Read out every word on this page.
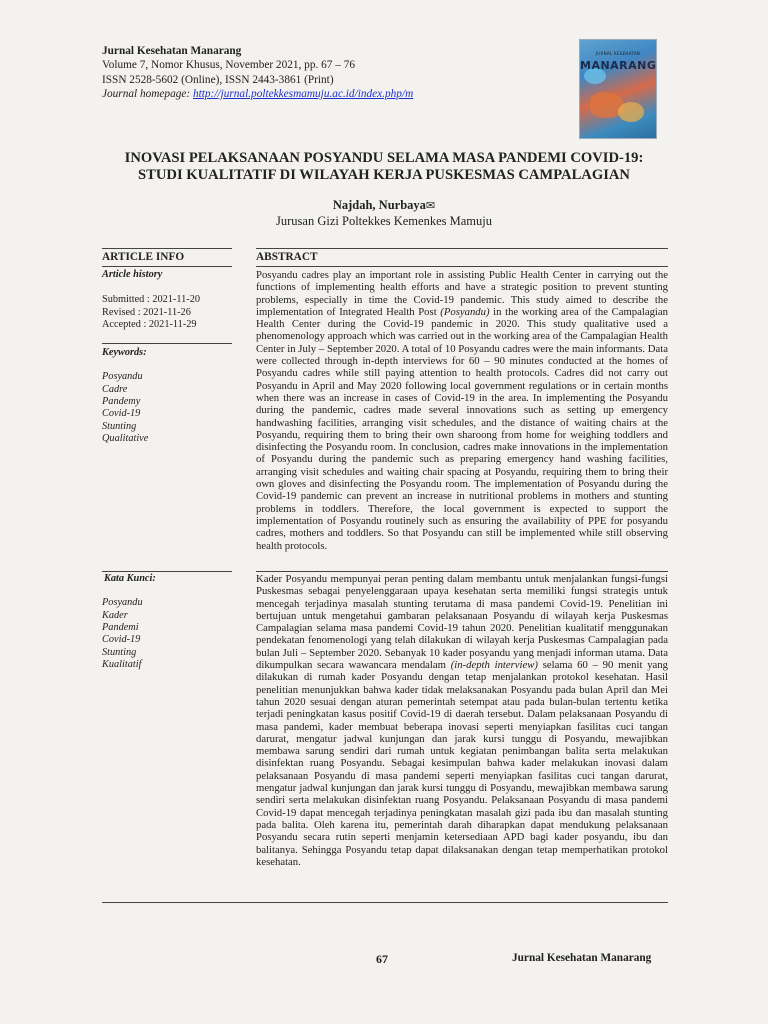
Jurnal Kesehatan Manarang
Volume 7, Nomor Khusus, November 2021, pp. 67 – 76
ISSN 2528-5602 (Online), ISSN 2443-3861 (Print)
Journal homepage: http://jurnal.poltekkesmamuju.ac.id/index.php/m
JURNAL KESEHATAN
MANARANG
INOVASI PELAKSANAAN POSYANDU SELAMA MASA PANDEMI COVID-19:
STUDI KUALITATIF DI WILAYAH KERJA PUSKESMAS CAMPALAGIAN
Najdah, Nurbaya✉
Jurusan Gizi Poltekkes Kemenkes Mamuju
ARTICLE INFO	ABSTRACT
Article history
Submitted : 2021-11-20
Revised : 2021-11-26
Accepted : 2021-11-29
Keywords:
Posyandu
Cadre
Pandemy
Covid-19
Stunting
Qualitative
Posyandu cadres play an important role in assisting Public Health Center in carrying out the functions of implementing health efforts and have a strategic position to prevent stunting problems, especially in time the Covid-19 pandemic. This study aimed to describe the implementation of Integrated Health Post (Posyandu) in the working area of the Campalagian Health Center during the Covid-19 pandemic in 2020. This study qualitative used a phenomenology approach which was carried out in the working area of the Campalagian Health Center in July – September 2020. A total of 10 Posyandu cadres were the main informants. Data were collected through in-depth interviews for 60 – 90 minutes conducted at the homes of Posyandu cadres while still paying attention to health protocols. Cadres did not carry out Posyandu in April and May 2020 following local government regulations or in certain months when there was an increase in cases of Covid-19 in the area. In implementing the Posyandu during the pandemic, cadres made several innovations such as setting up emergency handwashing facilities, arranging visit schedules, and the distance of waiting chairs at the Posyandu, requiring them to bring their own sharoong from home for weighing toddlers and disinfecting the Posyandu room. In conclusion, cadres make innovations in the implementation of Posyandu during the pandemic such as preparing emergency hand washing facilities, arranging visit schedules and waiting chair spacing at Posyandu, requiring them to bring their own gloves and disinfecting the Posyandu room. The implementation of Posyandu during the Covid-19 pandemic can prevent an increase in nutritional problems in mothers and stunting problems in toddlers. Therefore, the local government is expected to support the implementation of Posyandu routinely such as ensuring the availability of PPE for posyandu cadres, mothers and toddlers. So that Posyandu can still be implemented while still observing health protocols.
Kata Kunci:
Posyandu
Kader
Pandemi
Covid-19
Stunting
Kualitatif
Kader Posyandu mempunyai peran penting dalam membantu untuk menjalankan fungsi-fungsi Puskesmas sebagai penyelenggaraan upaya kesehatan serta memiliki fungsi strategis untuk mencegah terjadinya masalah stunting terutama di masa pandemi Covid-19. Penelitian ini bertujuan untuk mengetahui gambaran pelaksanaan Posyandu di wilayah kerja Puskesmas Campalagian selama masa pandemi Covid-19 tahun 2020. Penelitian kualitatif menggunakan pendekatan fenomenologi yang telah dilakukan di wilayah kerja Puskesmas Campalagian pada bulan Juli – September 2020. Sebanyak 10 kader posyandu yang menjadi informan utama. Data dikumpulkan secara wawancara mendalam (in-depth interview) selama 60 – 90 menit yang dilakukan di rumah kader Posyandu dengan tetap menjalankan protokol kesehatan. Hasil penelitian menunjukkan bahwa kader tidak melaksanakan Posyandu pada bulan April dan Mei tahun 2020 sesuai dengan aturan pemerintah setempat atau pada bulan-bulan tertentu ketika terjadi peningkatan kasus positif Covid-19 di daerah tersebut. Dalam pelaksanaan Posyandu di masa pandemi, kader membuat beberapa inovasi seperti menyiapkan fasilitas cuci tangan darurat, mengatur jadwal kunjungan dan jarak kursi tunggu di Posyandu, mewajibkan membawa sarung sendiri dari rumah untuk kegiatan penimbangan balita serta melakukan disinfektan ruang Posyandu. Sebagai kesimpulan bahwa kader melakukan inovasi dalam pelaksanaan Posyandu di masa pandemi seperti menyiapkan fasilitas cuci tangan darurat, mengatur jadwal kunjungan dan jarak kursi tunggu di Posyandu, mewajibkan membawa sarung sendiri serta melakukan disinfektan ruang Posyandu. Pelaksanaan Posyandu di masa pandemi Covid-19 dapat mencegah terjadinya peningkatan masalah gizi pada ibu dan masalah stunting pada balita. Oleh karena itu, pemerintah darah diharapkan dapat mendukung pelaksanaan Posyandu secara rutin seperti menjamin ketersediaan APD bagi kader posyandu, ibu dan balitanya. Sehingga Posyandu tetap dapat dilaksanakan dengan tetap memperhatikan protokol kesehatan.
67	Jurnal Kesehatan Manarang
